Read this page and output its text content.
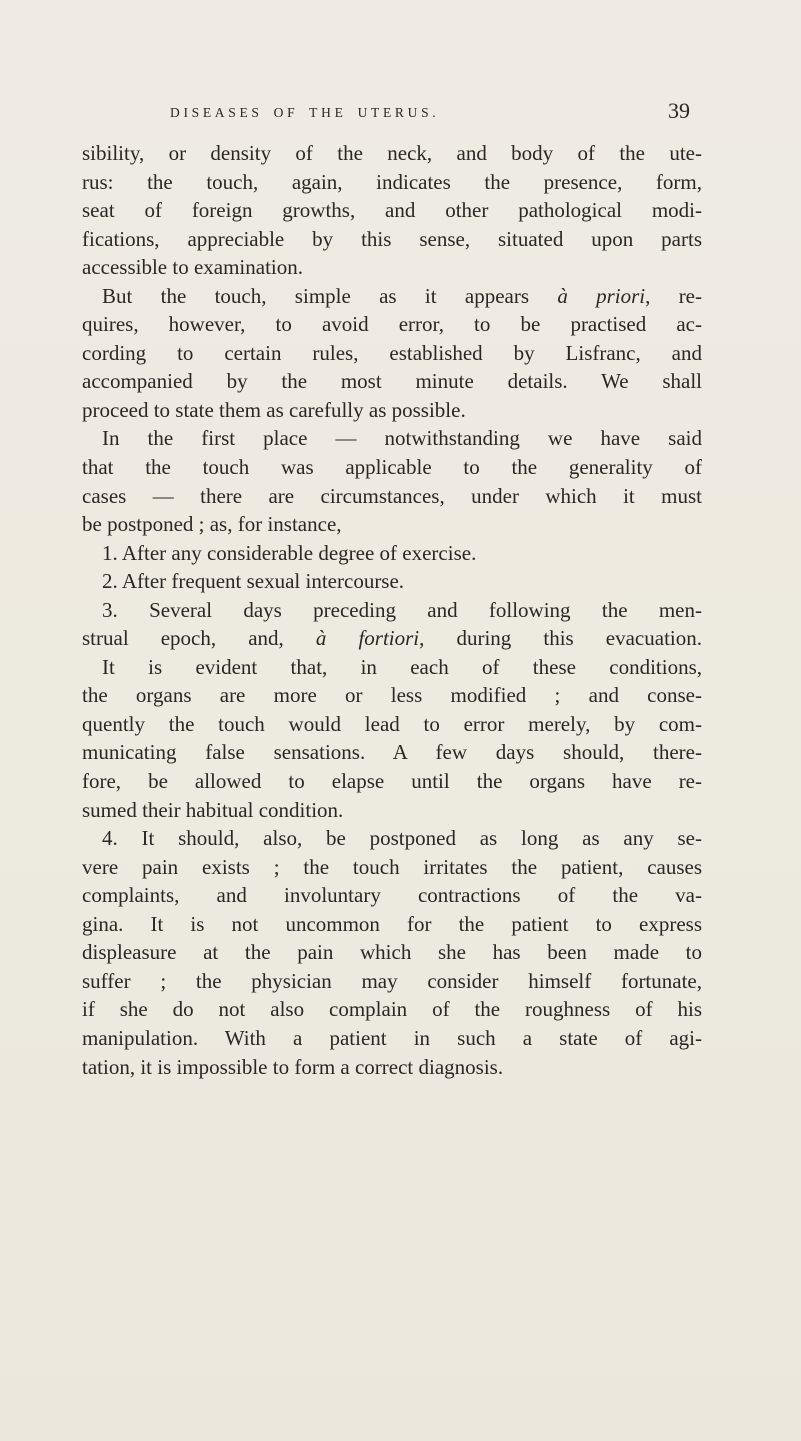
DISEASES OF THE UTERUS.	39
sibility, or density of the neck, and body of the ute-
rus: the touch, again, indicates the presence, form,
seat of foreign growths, and other pathological modi-
fications, appreciable by this sense, situated upon parts
accessible to examination.
But the touch, simple as it appears à priori, re-
quires, however, to avoid error, to be practised ac-
cording to certain rules, established by Lisfranc, and
accompanied by the most minute details. We shall
proceed to state them as carefully as possible.
In the first place — notwithstanding we have said
that the touch was applicable to the generality of
cases — there are circumstances, under which it must
be postponed ; as, for instance,
1. After any considerable degree of exercise.
2. After frequent sexual intercourse.
3. Several days preceding and following the men-
strual epoch, and, à fortiori, during this evacuation.
It is evident that, in each of these conditions,
the organs are more or less modified ; and conse-
quently the touch would lead to error merely, by com-
municating false sensations. A few days should, there-
fore, be allowed to elapse until the organs have re-
sumed their habitual condition.
4. It should, also, be postponed as long as any se-
vere pain exists ; the touch irritates the patient, causes
complaints, and involuntary contractions of the va-
gina. It is not uncommon for the patient to express
displeasure at the pain which she has been made to
suffer ; the physician may consider himself fortunate,
if she do not also complain of the roughness of his
manipulation. With a patient in such a state of agi-
tation, it is impossible to form a correct diagnosis.
